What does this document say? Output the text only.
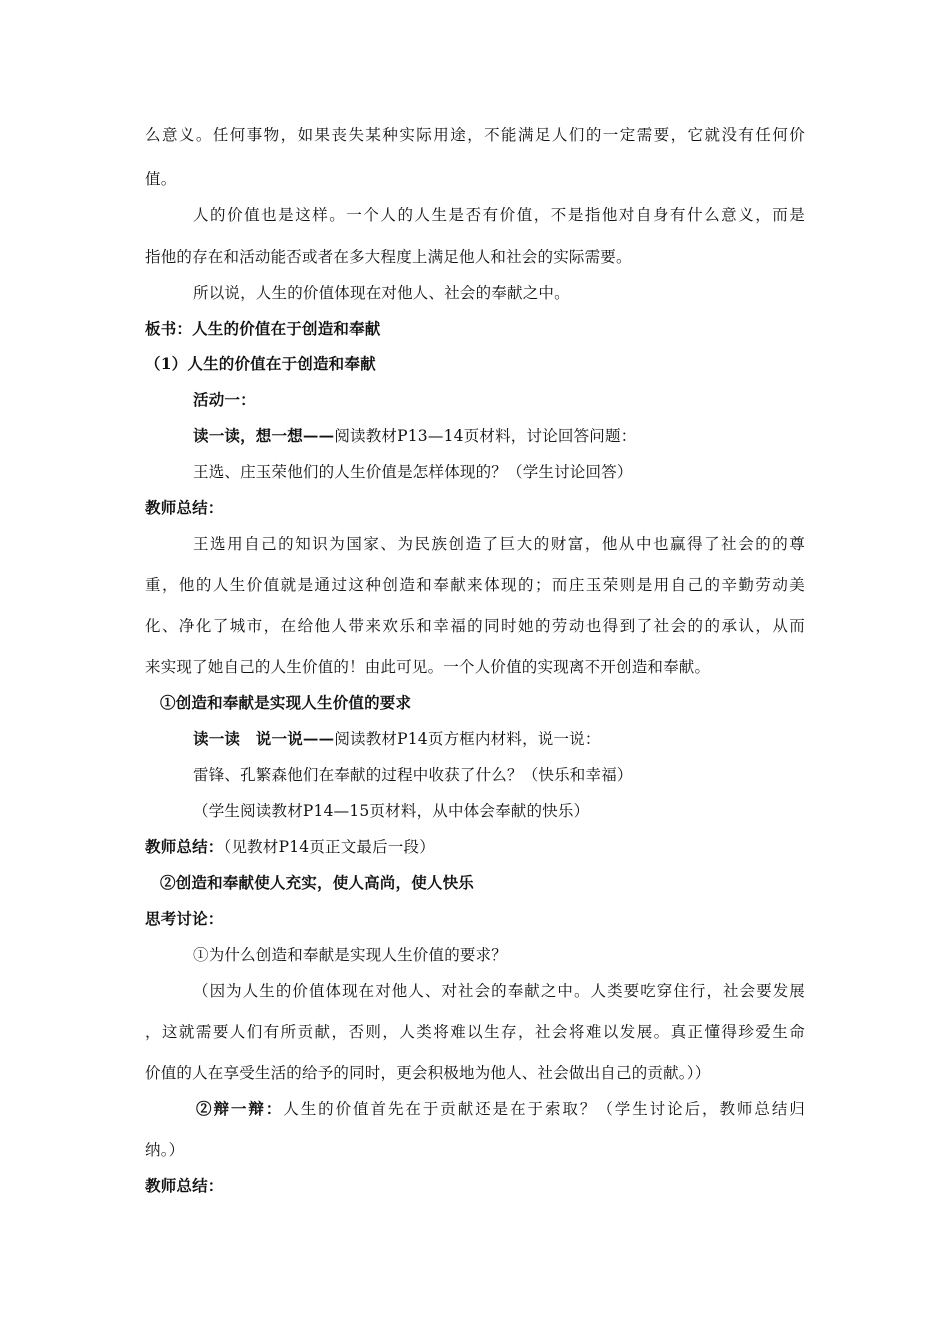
么意义。任何事物，如果丧失某种实际用途，不能满足人们的一定需要，它就没有任何价
值。
人的价值也是这样。一个人的人生是否有价值，不是指他对自身有什么意义，而是
指他的存在和活动能否或者在多大程度上满足他人和社会的实际需要。
所以说，人生的价值体现在对他人、社会的奉献之中。
板书：人生的价值在于创造和奉献
（1）人生的价值在于创造和奉献
活动一：
读一读，想一想——阅读教材P13—14页材料，讨论回答问题：
王选、庄玉荣他们的人生价值是怎样体现的？（学生讨论回答）
教师总结：
王选用自己的知识为国家、为民族创造了巨大的财富，他从中也赢得了社会的的尊
重，他的人生价值就是通过这种创造和奉献来体现的；而庄玉荣则是用自己的辛勤劳动美
化、净化了城市，在给他人带来欢乐和幸福的同时她的劳动也得到了社会的的承认，从而
来实现了她自己的人生价值的！由此可见。一个人价值的实现离不开创造和奉献。
①创造和奉献是实现人生价值的要求
读一读　说一说——阅读教材P14页方框内材料，说一说：
雷锋、孔繁森他们在奉献的过程中收获了什么？（快乐和幸福）
（学生阅读教材P14—15页材料，从中体会奉献的快乐）
教师总结：（见教材P14页正文最后一段）
②创造和奉献使人充实，使人高尚，使人快乐
思考讨论：
①为什么创造和奉献是实现人生价值的要求？
（因为人生的价值体现在对他人、对社会的奉献之中。人类要吃穿住行，社会要发展
，这就需要人们有所贡献，否则，人类将难以生存，社会将难以发展。真正懂得珍爱生命
价值的人在享受生活的给予的同时，更会积极地为他人、社会做出自己的贡献。））
②辩一辩：人生的价值首先在于贡献还是在于索取？（学生讨论后，教师总结归
纳。）
教师总结：
